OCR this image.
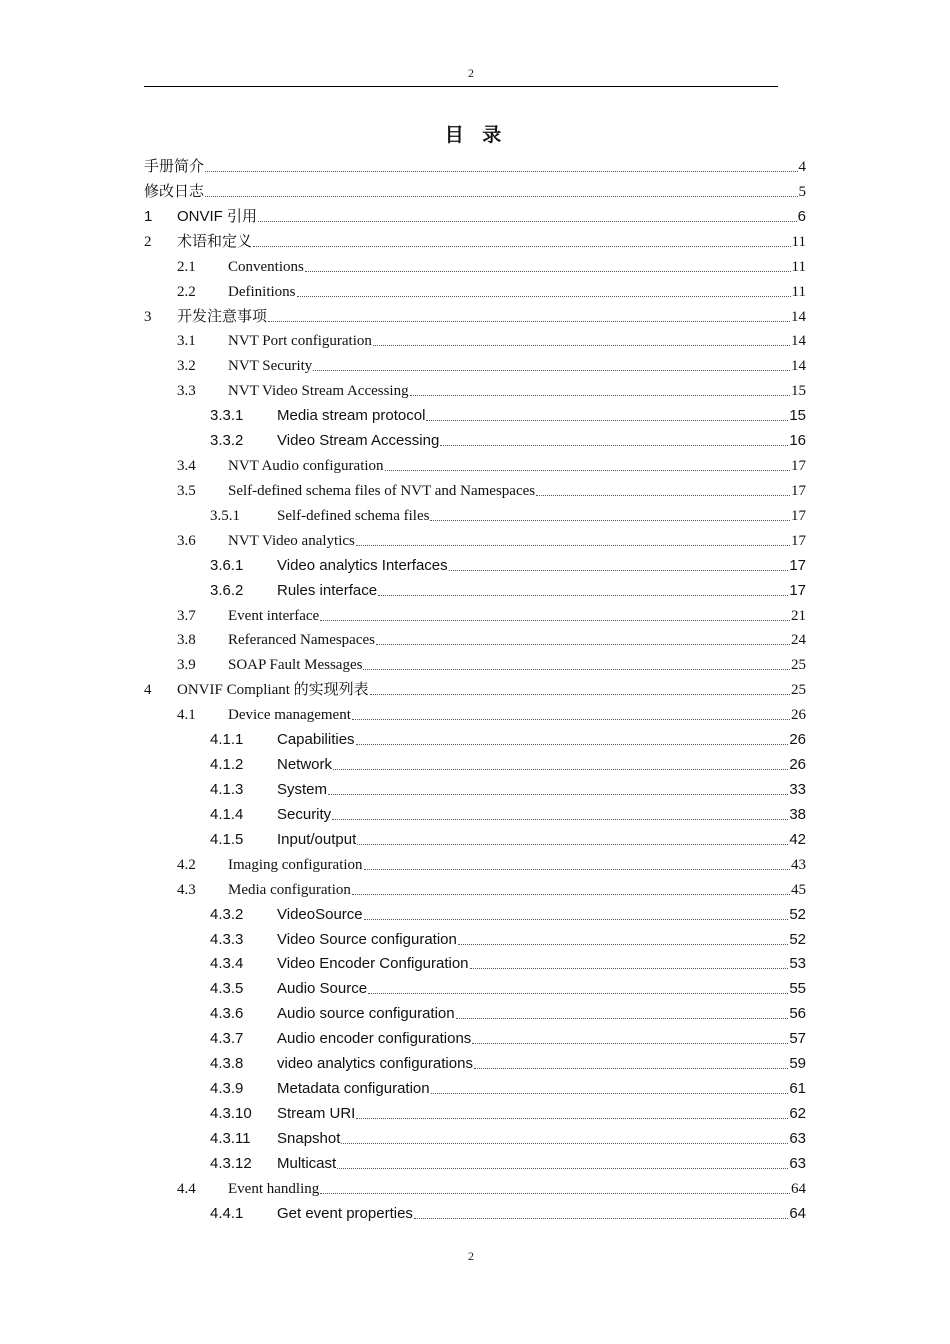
2
目 录
手册简介	4
修改日志	5
1	ONVIF 引用	6
2	术语和定义	11
2.1	Conventions	11
2.2	Definitions	11
3	开发注意事项	14
3.1	NVT Port configuration	14
3.2	NVT Security	14
3.3	NVT Video Stream Accessing	15
3.3.1	Media stream protocol	15
3.3.2	Video Stream Accessing	16
3.4	NVT Audio configuration	17
3.5	Self-defined schema files of NVT and Namespaces	17
3.5.1	Self-defined schema files	17
3.6	NVT Video analytics	17
3.6.1	Video analytics Interfaces	17
3.6.2	Rules interface	17
3.7	Event interface	21
3.8	Referanced Namespaces	24
3.9	SOAP Fault Messages	25
4	ONVIF Compliant 的实现列表	25
4.1	Device management	26
4.1.1	Capabilities	26
4.1.2	Network	26
4.1.3	System	33
4.1.4	Security	38
4.1.5	Input/output	42
4.2	Imaging configuration	43
4.3	Media configuration	45
4.3.2	VideoSource	52
4.3.3	Video Source configuration	52
4.3.4	Video Encoder Configuration	53
4.3.5	Audio Source	55
4.3.6	Audio source configuration	56
4.3.7	Audio encoder configurations	57
4.3.8	video analytics configurations	59
4.3.9	Metadata configuration	61
4.3.10	Stream URI	62
4.3.11	Snapshot	63
4.3.12	Multicast	63
4.4	Event handling	64
4.4.1	Get event properties	64
2
